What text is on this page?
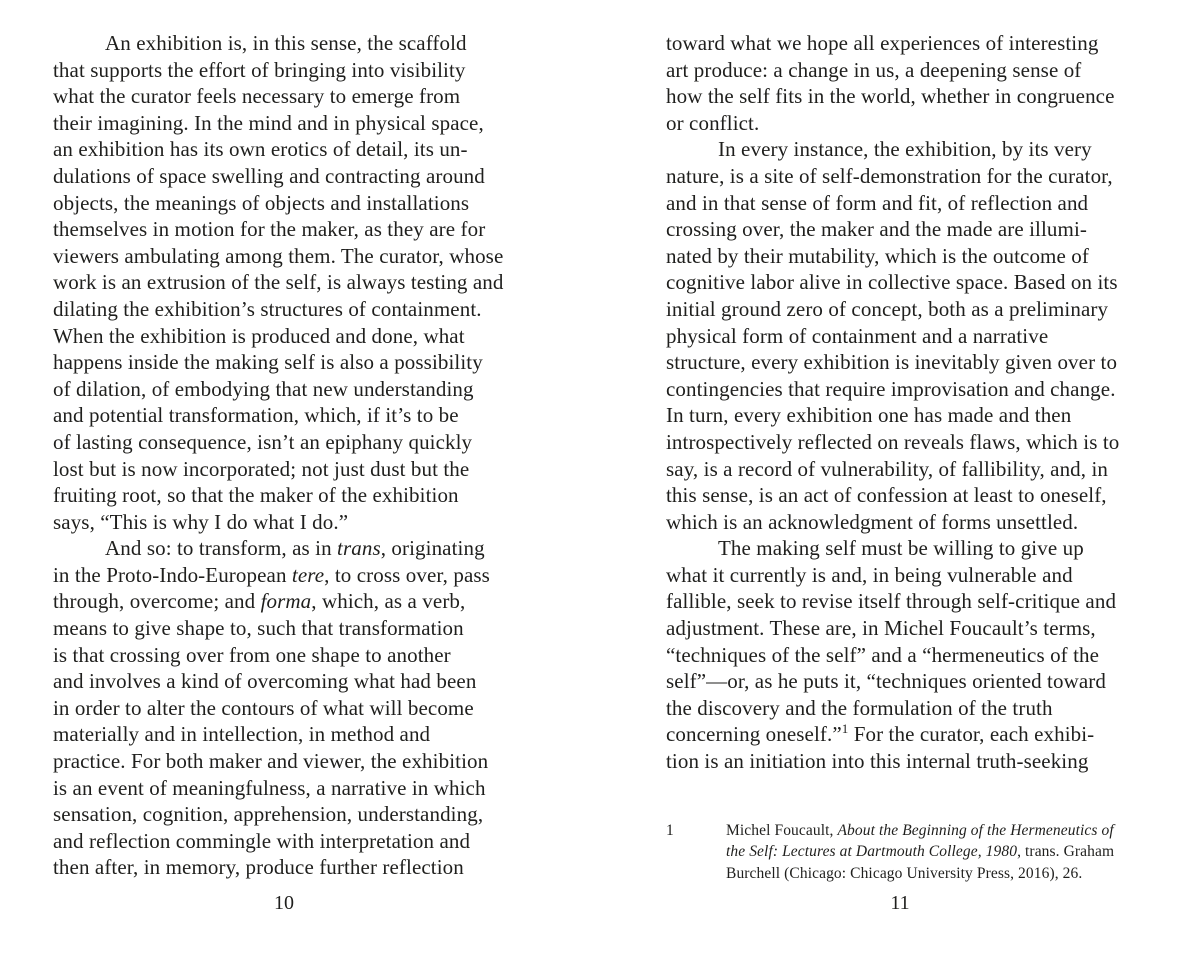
An exhibition is, in this sense, the scaffold
that supports the effort of bringing into visibility
what the curator feels necessary to emerge from
their imagining. In the mind and in physical space,
an exhibition has its own erotics of detail, its un-
dulations of space swelling and contracting around
objects, the meanings of objects and installations
themselves in motion for the maker, as they are for
viewers ambulating among them. The curator, whose
work is an extrusion of the self, is always testing and
dilating the exhibition’s structures of containment.
When the exhibition is produced and done, what
happens inside the making self is also a possibility
of dilation, of embodying that new understanding
and potential transformation, which, if it’s to be
of lasting consequence, isn’t an epiphany quickly
lost but is now incorporated; not just dust but the
fruiting root, so that the maker of the exhibition
says, “This is why I do what I do.”
And so: to transform, as in trans, originating
in the Proto-Indo-European tere, to cross over, pass
through, overcome; and forma, which, as a verb,
means to give shape to, such that transformation
is that crossing over from one shape to another
and involves a kind of overcoming what had been
in order to alter the contours of what will become
materially and in intellection, in method and
practice. For both maker and viewer, the exhibition
is an event of meaningfulness, a narrative in which
sensation, cognition, apprehension, understanding,
and reflection commingle with interpretation and
then after, in memory, produce further reflection
toward what we hope all experiences of interesting
art produce: a change in us, a deepening sense of
how the self fits in the world, whether in congruence
or conflict.
In every instance, the exhibition, by its very
nature, is a site of self-demonstration for the curator,
and in that sense of form and fit, of reflection and
crossing over, the maker and the made are illumi-
nated by their mutability, which is the outcome of
cognitive labor alive in collective space. Based on its
initial ground zero of concept, both as a preliminary
physical form of containment and a narrative
structure, every exhibition is inevitably given over to
contingencies that require improvisation and change.
In turn, every exhibition one has made and then
introspectively reflected on reveals flaws, which is to
say, is a record of vulnerability, of fallibility, and, in
this sense, is an act of confession at least to oneself,
which is an acknowledgment of forms unsettled.
The making self must be willing to give up
what it currently is and, in being vulnerable and
fallible, seek to revise itself through self-critique and
adjustment. These are, in Michel Foucault’s terms,
“techniques of the self” and a “hermeneutics of the
self”—or, as he puts it, “techniques oriented toward
the discovery and the formulation of the truth
concerning oneself.”$^1$ For the curator, each exhibi-
tion is an initiation into this internal truth-seeking
1	Michel Foucault, About the Beginning of the Hermeneutics of
the Self: Lectures at Dartmouth College, 1980, trans. Graham
Burchell (Chicago: Chicago University Press, 2016), 26.
10	11
